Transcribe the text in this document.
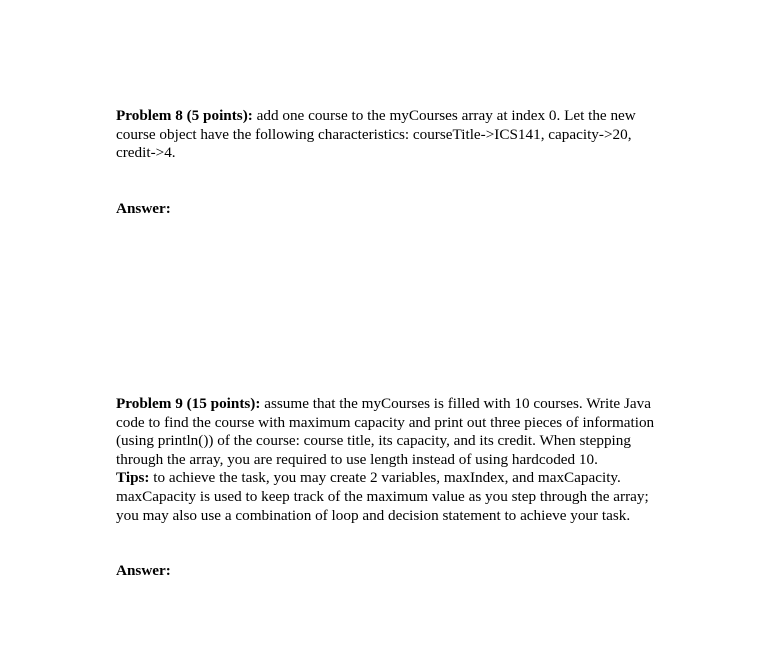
Problem 8 (5 points): add one course to the myCourses array at index 0. Let the new
course object have the following characteristics: courseTitle->ICS141, capacity->20,
credit->4.

Answer:

Problem 9 (15 points): assume that the myCourses is filled with 10 courses. Write Java
code to find the course with maximum capacity and print out three pieces of information
(using println()) of the course: course title, its capacity, and its credit. When stepping
through the array, you are required to use length instead of using hardcoded 10.
Tips: to achieve the task, you may create 2 variables, maxIndex, and maxCapacity.
maxCapacity is used to keep track of the maximum value as you step through the array;
you may also use a combination of loop and decision statement to achieve your task.

Answer:
